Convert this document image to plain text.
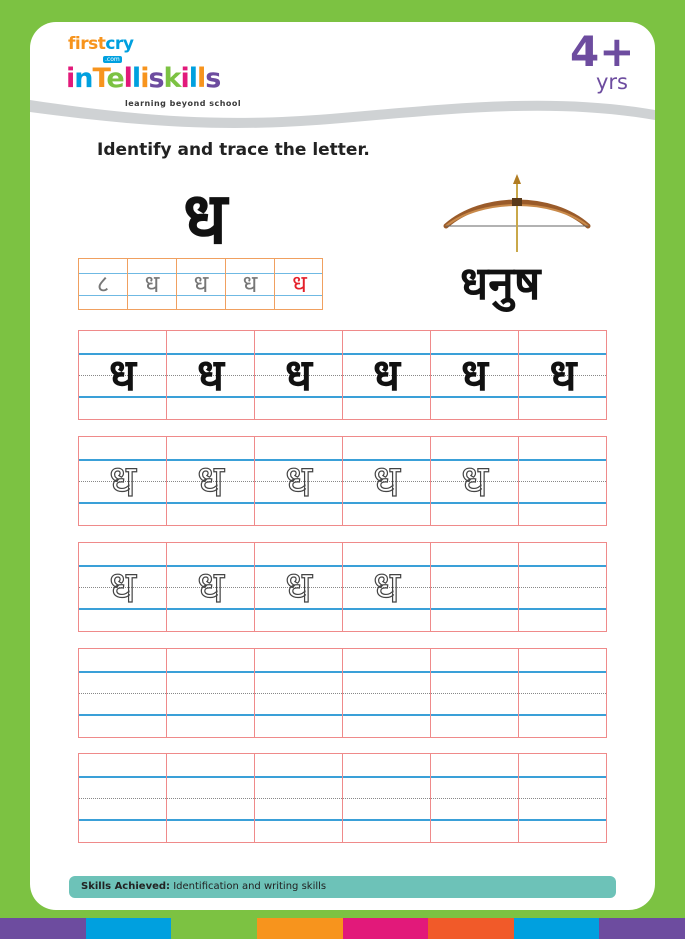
firstcry
.com
inTelliskills
learning beyond school
4+
yrs
Identify and trace the letter.
ध
८	ध	ध	ध	ध	धनुष
ध	ध	ध	ध	ध	ध
ध	ध	ध	ध	ध
ध	ध	ध	ध
Skills Achieved: Identification and writing skills
